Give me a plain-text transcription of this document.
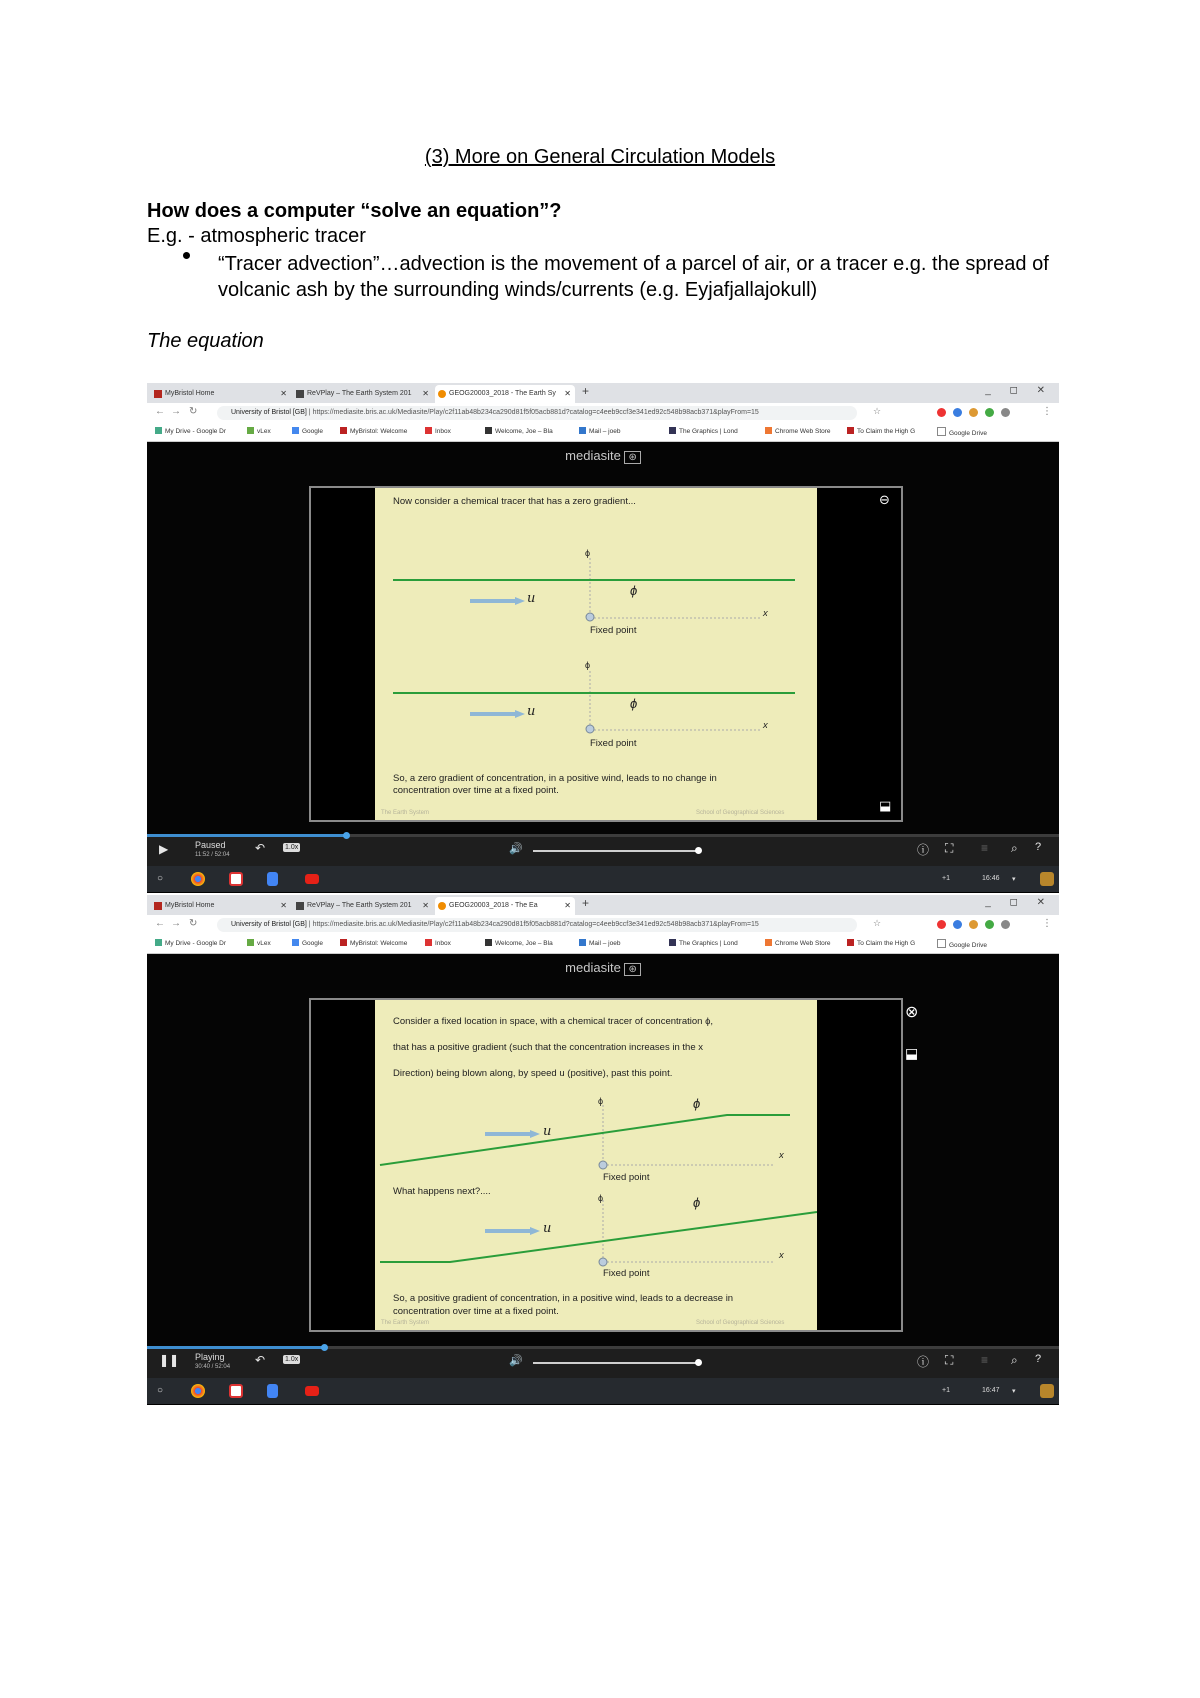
(3) More on General Circulation Models
How does a computer “solve an equation”?
E.g. - atmospheric tracer
“Tracer advection”…advection is the movement of a parcel of air, or a tracer e.g. the spread of volcanic ash by the surrounding winds/currents (e.g. Eyjafjallajokull)
The equation
MyBristol Home	✕	ReVPlay – The Earth System 201 ✕	GEOG20003_2018 - The Earth Sy ✕ +	_ ◻ ✕
← → ↻	University of Bristol [GB] | https://mediasite.bris.ac.uk/Mediasite/Play/c2f11ab48b234ca290d81f5f05acb881d?catalog=c4eeb9ccf3e341ed92c548b98acb371&playFrom=15	☆	⋮
My Drive - Google Dr	vLex	Google	MyBristol: Welcome	Inbox	Welcome, Joe – Bla	Mail – joeb	The Graphics | Lond	Chrome Web Store	To Claim the High G	Google Drive
mediasite ⊛
Now consider a chemical tracer that has a zero gradient...
ϕ
ϕ
u
x
Fixed point
ϕ
ϕ
u
x
Fixed point
So, a zero gradient of concentration, in a positive wind, leads to no change in
concentration over time at a fixed point.
The Earth System	School of Geographical Sciences
⊖
⬓
▶	Paused
11:52 / 52:04 ↶	1.0x	🔊	ⓘ ⛶ ≡ ⌕ ?
○	+1	16:46 ▾
MyBristol Home	✕	ReVPlay – The Earth System 201 ✕	GEOG20003_2018 - The Ea	✕ +	_ ◻ ✕
← → ↻	University of Bristol [GB] | https://mediasite.bris.ac.uk/Mediasite/Play/c2f11ab48b234ca290d81f5f05acb881d?catalog=c4eeb9ccf3e341ed92c548b98acb371&playFrom=15	☆	⋮
My Drive - Google Dr	vLex	Google	MyBristol: Welcome	Inbox	Welcome, Joe – Bla	Mail – joeb	The Graphics | Lond	Chrome Web Store	To Claim the High G	Google Drive
mediasite ⊛
Consider a fixed location in space, with a chemical tracer of concentration ϕ,
that has a positive gradient (such that the concentration increases in the x
Direction) being blown along, by speed u (positive), past this point.
ϕ	ϕ
u
x
Fixed point
What happens next?....
ϕ	ϕ
u
x
Fixed point
So, a positive gradient of concentration, in a positive wind, leads to a decrease in
concentration over time at a fixed point.
The Earth System	School of Geographical Sciences
⊗
⬓
❚❚ Playing
30:40 / 52:04 ↶	1.0x	🔊	ⓘ ⛶ ≡ ⌕ ?
○	+1	16:47 ▾
